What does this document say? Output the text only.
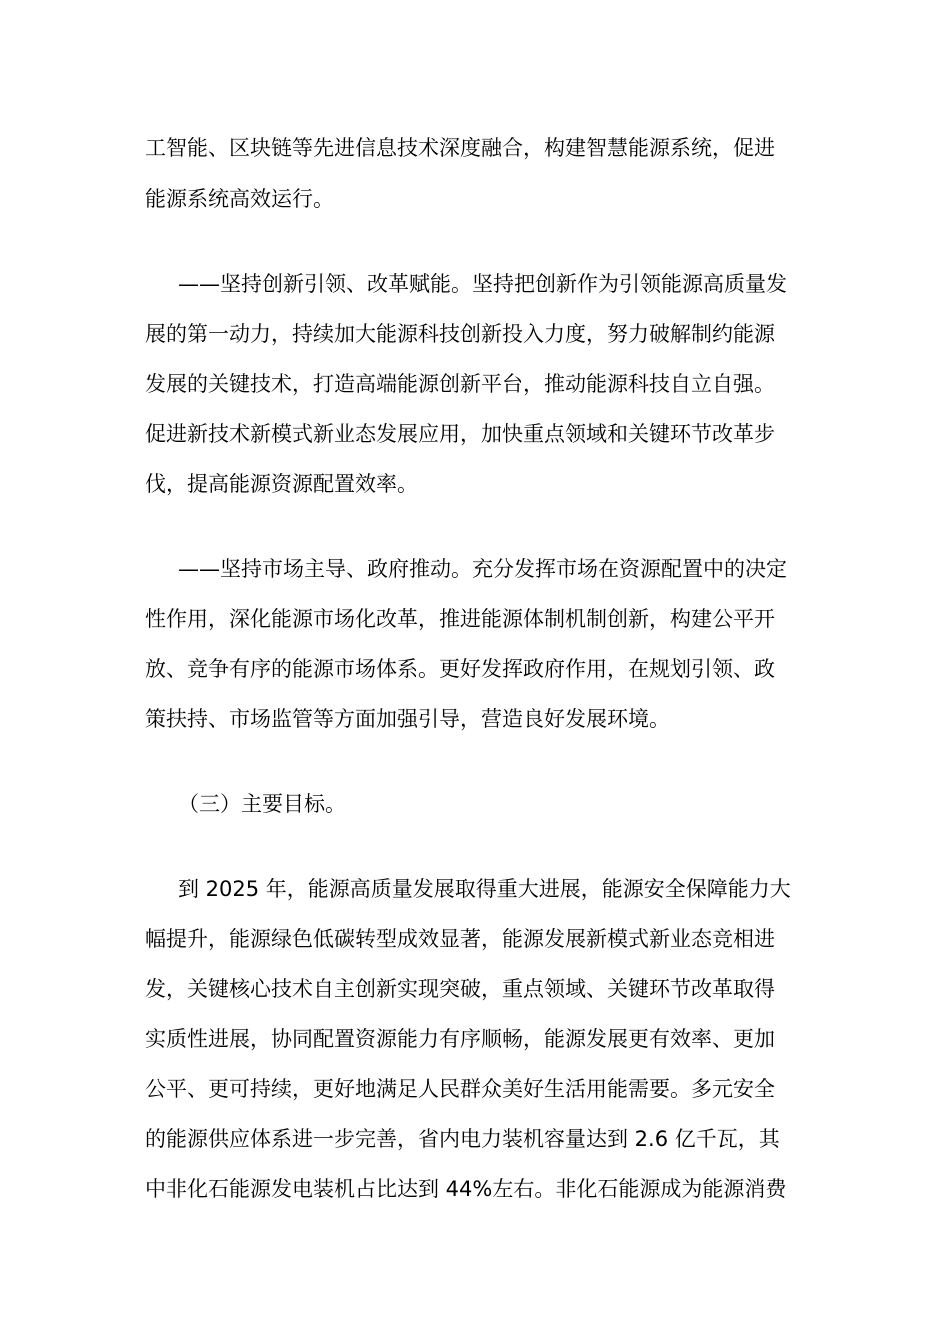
工智能、区块链等先进信息技术深度融合，构建智慧能源系统，促进
能源系统高效运行。
——坚持创新引领、改革赋能。坚持把创新作为引领能源高质量发
展的第一动力，持续加大能源科技创新投入力度，努力破解制约能源
发展的关键技术，打造高端能源创新平台，推动能源科技自立自强。
促进新技术新模式新业态发展应用，加快重点领域和关键环节改革步
伐，提高能源资源配置效率。
——坚持市场主导、政府推动。充分发挥市场在资源配置中的决定
性作用，深化能源市场化改革，推进能源体制机制创新，构建公平开
放、竞争有序的能源市场体系。更好发挥政府作用，在规划引领、政
策扶持、市场监管等方面加强引导，营造良好发展环境。
（三）主要目标。
到 2025 年，能源高质量发展取得重大进展，能源安全保障能力大
幅提升，能源绿色低碳转型成效显著，能源发展新模式新业态竞相进
发，关键核心技术自主创新实现突破，重点领域、关键环节改革取得
实质性进展，协同配置资源能力有序顺畅，能源发展更有效率、更加
公平、更可持续，更好地满足人民群众美好生活用能需要。多元安全
的能源供应体系进一步完善，省内电力装机容量达到 2.6 亿千瓦，其
中非化石能源发电装机占比达到 44%左右。非化石能源成为能源消费
